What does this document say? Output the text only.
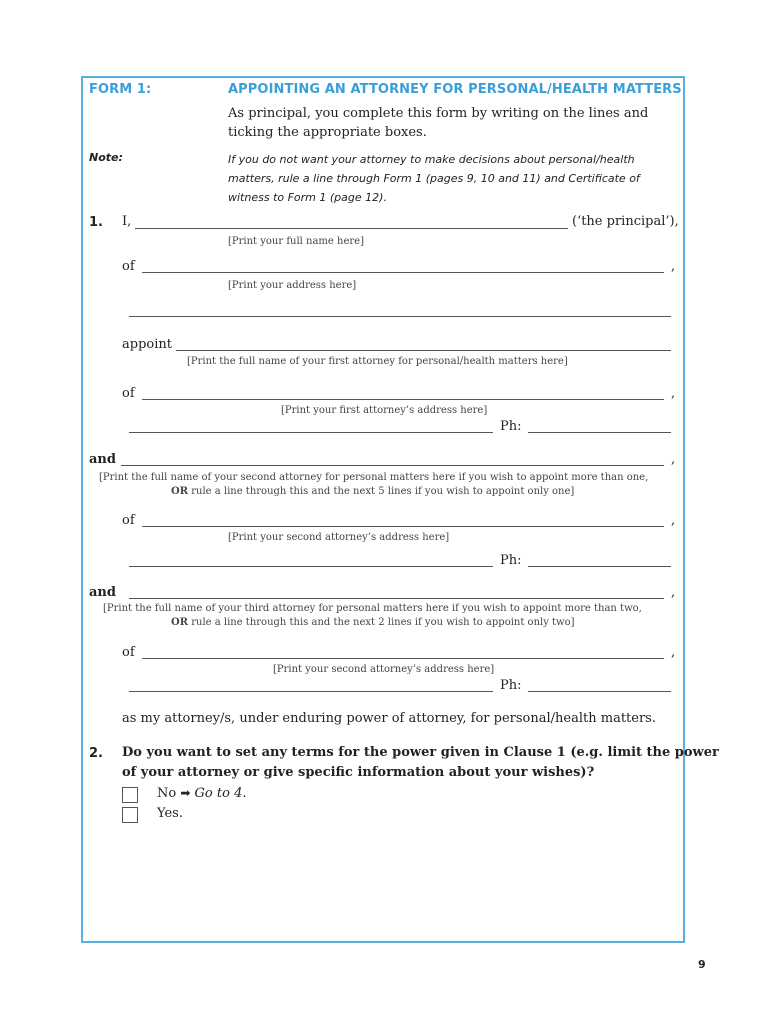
FORM 1:	APPOINTING AN ATTORNEY FOR PERSONAL/HEALTH MATTERS
As principal, you complete this form by writing on the lines and
ticking the appropriate boxes.
Note:	If you do not want your attorney to make decisions about personal/health matters, rule a line through Form 1 (pages 9, 10 and 11) and Certificate of witness to Form 1 (page 12).
1. I,	(‘the principal’),
[Print your full name here]
of	,
[Print your address here]
appoint
[Print the full name of your first attorney for personal/health matters here]
of	,
[Print your first attorney’s address here]
Ph:
and	,
[Print the full name of your second attorney for personal matters here if you wish to appoint more than one,
OR rule a line through this and the next 5 lines if you wish to appoint only one]
of	,
[Print your second attorney’s address here]
Ph:
and	,
[Print the full name of your third attorney for personal matters here if you wish to appoint more than two,
OR rule a line through this and the next 2 lines if you wish to appoint only two]
of	,
[Print your second attorney’s address here]
Ph:
as my attorney/s, under enduring power of attorney, for personal/health matters.
2. Do you want to set any terms for the power given in Clause 1 (e.g. limit the power
of your attorney or give specific information about your wishes)?
No ➡ Go to 4.
Yes.
9
